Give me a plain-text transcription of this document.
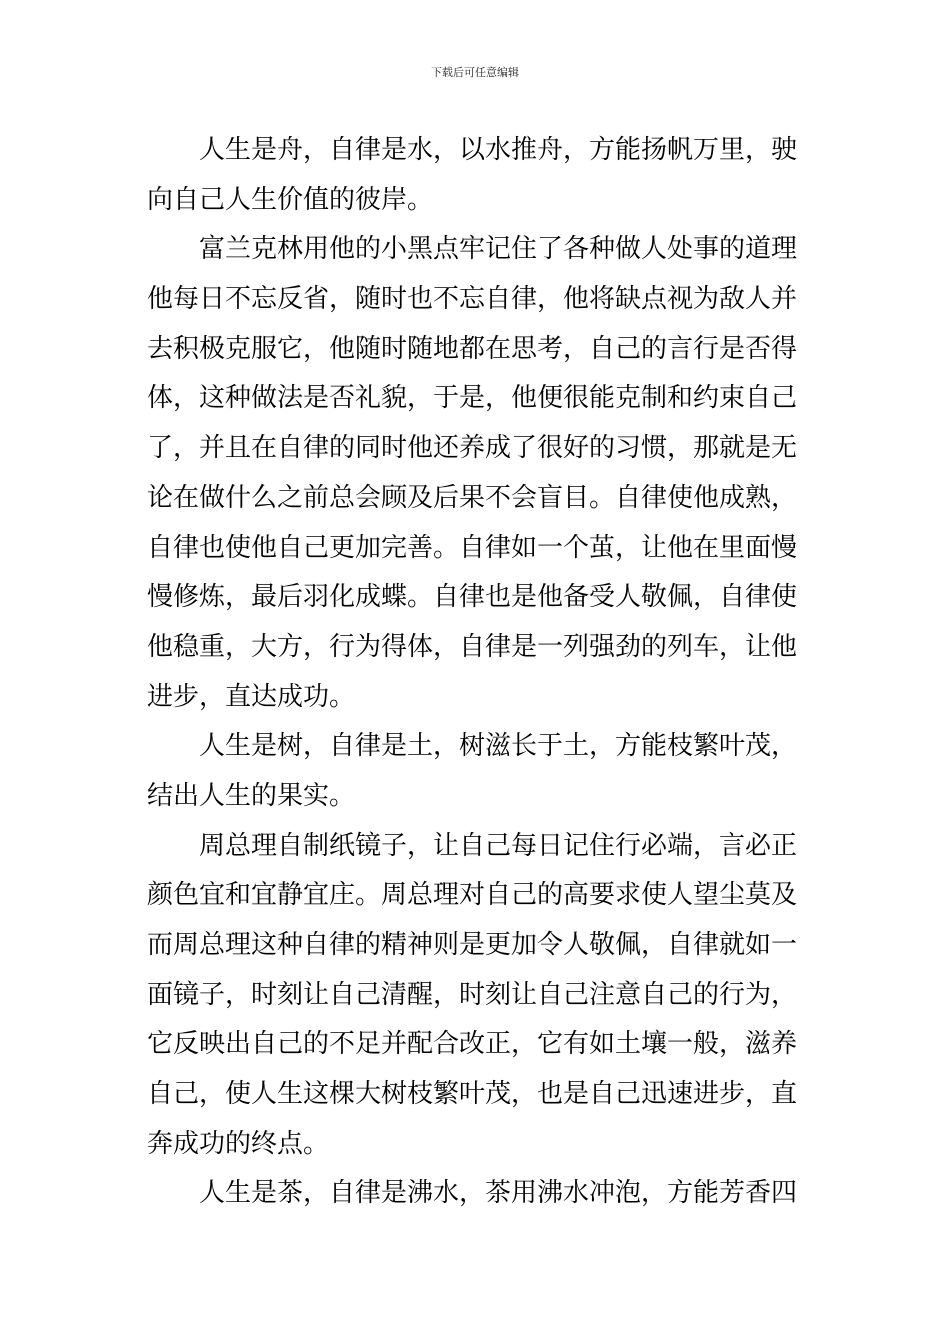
下载后可任意编辑
人生是舟，自律是水，以水推舟，方能扬帆万里，驶
向自己人生价值的彼岸。
富兰克林用他的小黑点牢记住了各种做人处事的道理
他每日不忘反省，随时也不忘自律，他将缺点视为敌人并
去积极克服它，他随时随地都在思考，自己的言行是否得
体，这种做法是否礼貌，于是，他便很能克制和约束自己
了，并且在自律的同时他还养成了很好的习惯，那就是无
论在做什么之前总会顾及后果不会盲目。自律使他成熟，
自律也使他自己更加完善。自律如一个茧，让他在里面慢
慢修炼，最后羽化成蝶。自律也是他备受人敬佩，自律使
他稳重，大方，行为得体，自律是一列强劲的列车，让他
进步，直达成功。
人生是树，自律是土，树滋长于土，方能枝繁叶茂，
结出人生的果实。
周总理自制纸镜子，让自己每日记住行必端，言必正
颜色宜和宜静宜庄。周总理对自己的高要求使人望尘莫及
而周总理这种自律的精神则是更加令人敬佩，自律就如一
面镜子，时刻让自己清醒，时刻让自己注意自己的行为，
它反映出自己的不足并配合改正，它有如土壤一般，滋养
自己，使人生这棵大树枝繁叶茂，也是自己迅速进步，直
奔成功的终点。
人生是茶，自律是沸水，茶用沸水冲泡，方能芳香四
